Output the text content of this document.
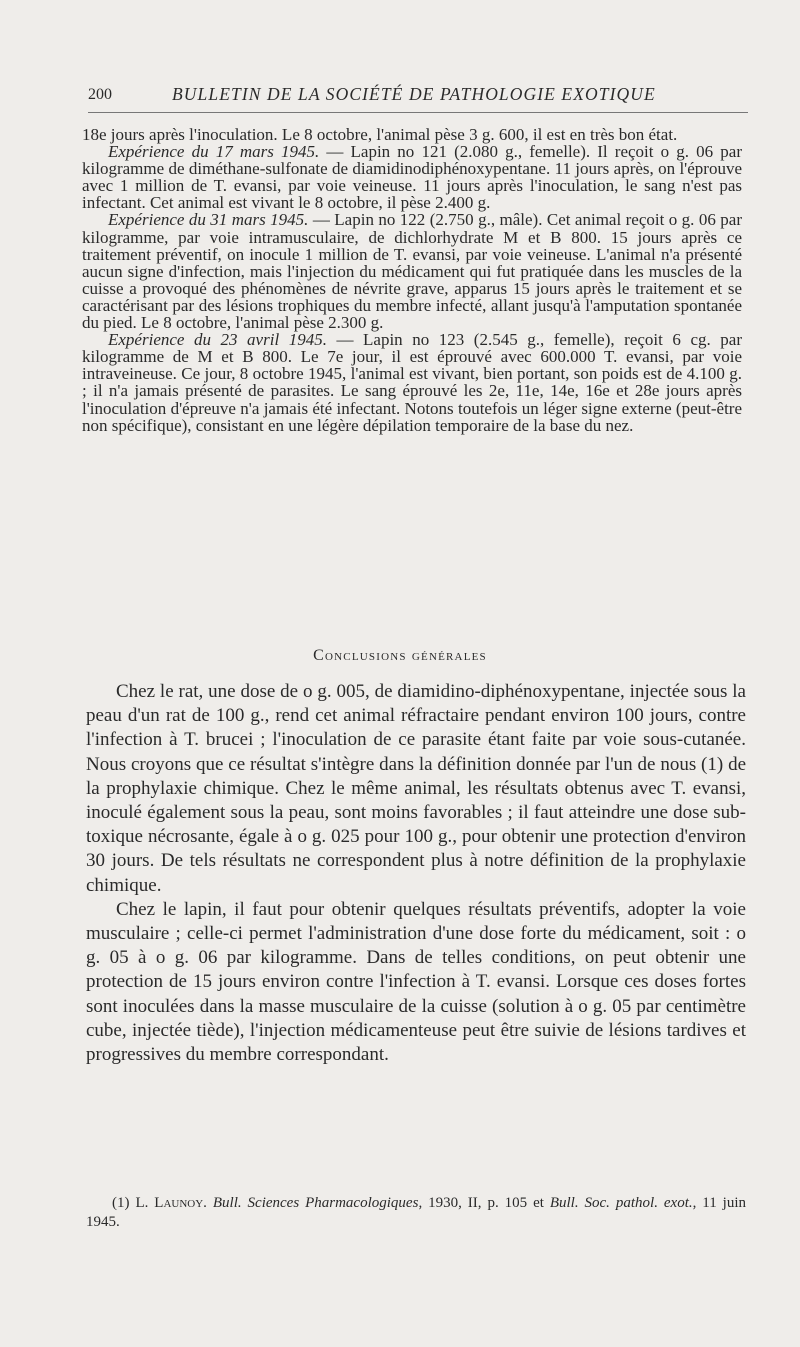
200	BULLETIN DE LA SOCIÉTÉ DE PATHOLOGIE EXOTIQUE

18e jours après l'inoculation. Le 8 octobre, l'animal pèse 3 g. 600, il est en très bon état.

Expérience du 17 mars 1945. — Lapin no 121 (2.080 g., femelle). Il reçoit o g. 06 par kilogramme de diméthane-sulfonate de diamidinodiphénoxypentane. 11 jours après, on l'éprouve avec 1 million de T. evansi, par voie veineuse. 11 jours après l'inoculation, le sang n'est pas infectant. Cet animal est vivant le 8 octobre, il pèse 2.400 g.

Expérience du 31 mars 1945. — Lapin no 122 (2.750 g., mâle). Cet animal reçoit o g. 06 par kilogramme, par voie intramusculaire, de dichlorhydrate M et B 800. 15 jours après ce traitement préventif, on inocule 1 million de T. evansi, par voie veineuse. L'animal n'a présenté aucun signe d'infection, mais l'injection du médicament qui fut pratiquée dans les muscles de la cuisse a provoqué des phénomènes de névrite grave, apparus 15 jours après le traitement et se caractérisant par des lésions trophiques du membre infecté, allant jusqu'à l'amputation spontanée du pied. Le 8 octobre, l'animal pèse 2.300 g.

Expérience du 23 avril 1945. — Lapin no 123 (2.545 g., femelle), reçoit 6 cg. par kilogramme de M et B 800. Le 7e jour, il est éprouvé avec 600.000 T. evansi, par voie intraveineuse. Ce jour, 8 octobre 1945, l'animal est vivant, bien portant, son poids est de 4.100 g. ; il n'a jamais présenté de parasites. Le sang éprouvé les 2e, 11e, 14e, 16e et 28e jours après l'inoculation d'épreuve n'a jamais été infectant. Notons toutefois un léger signe externe (peut-être non spécifique), consistant en une légère dépilation temporaire de la base du nez.

Conclusions générales

Chez le rat, une dose de o g. 005, de diamidino-diphénoxypentane, injectée sous la peau d'un rat de 100 g., rend cet animal réfractaire pendant environ 100 jours, contre l'infection à T. brucei ; l'inoculation de ce parasite étant faite par voie sous-cutanée. Nous croyons que ce résultat s'intègre dans la définition donnée par l'un de nous (1) de la prophylaxie chimique. Chez le même animal, les résultats obtenus avec T. evansi, inoculé également sous la peau, sont moins favorables ; il faut atteindre une dose sub-toxique nécrosante, égale à o g. 025 pour 100 g., pour obtenir une protection d'environ 30 jours. De tels résultats ne correspondent plus à notre définition de la prophylaxie chimique.

Chez le lapin, il faut pour obtenir quelques résultats préventifs, adopter la voie musculaire ; celle-ci permet l'administration d'une dose forte du médicament, soit : o g. 05 à o g. 06 par kilogramme. Dans de telles conditions, on peut obtenir une protection de 15 jours environ contre l'infection à T. evansi. Lorsque ces doses fortes sont inoculées dans la masse musculaire de la cuisse (solution à o g. 05 par centimètre cube, injectée tiède), l'injection médicamenteuse peut être suivie de lésions tardives et progressives du membre correspondant.

(1) L. Launoy. Bull. Sciences Pharmacologiques, 1930, II, p. 105 et Bull. Soc. pathol. exot., 11 juin 1945.
